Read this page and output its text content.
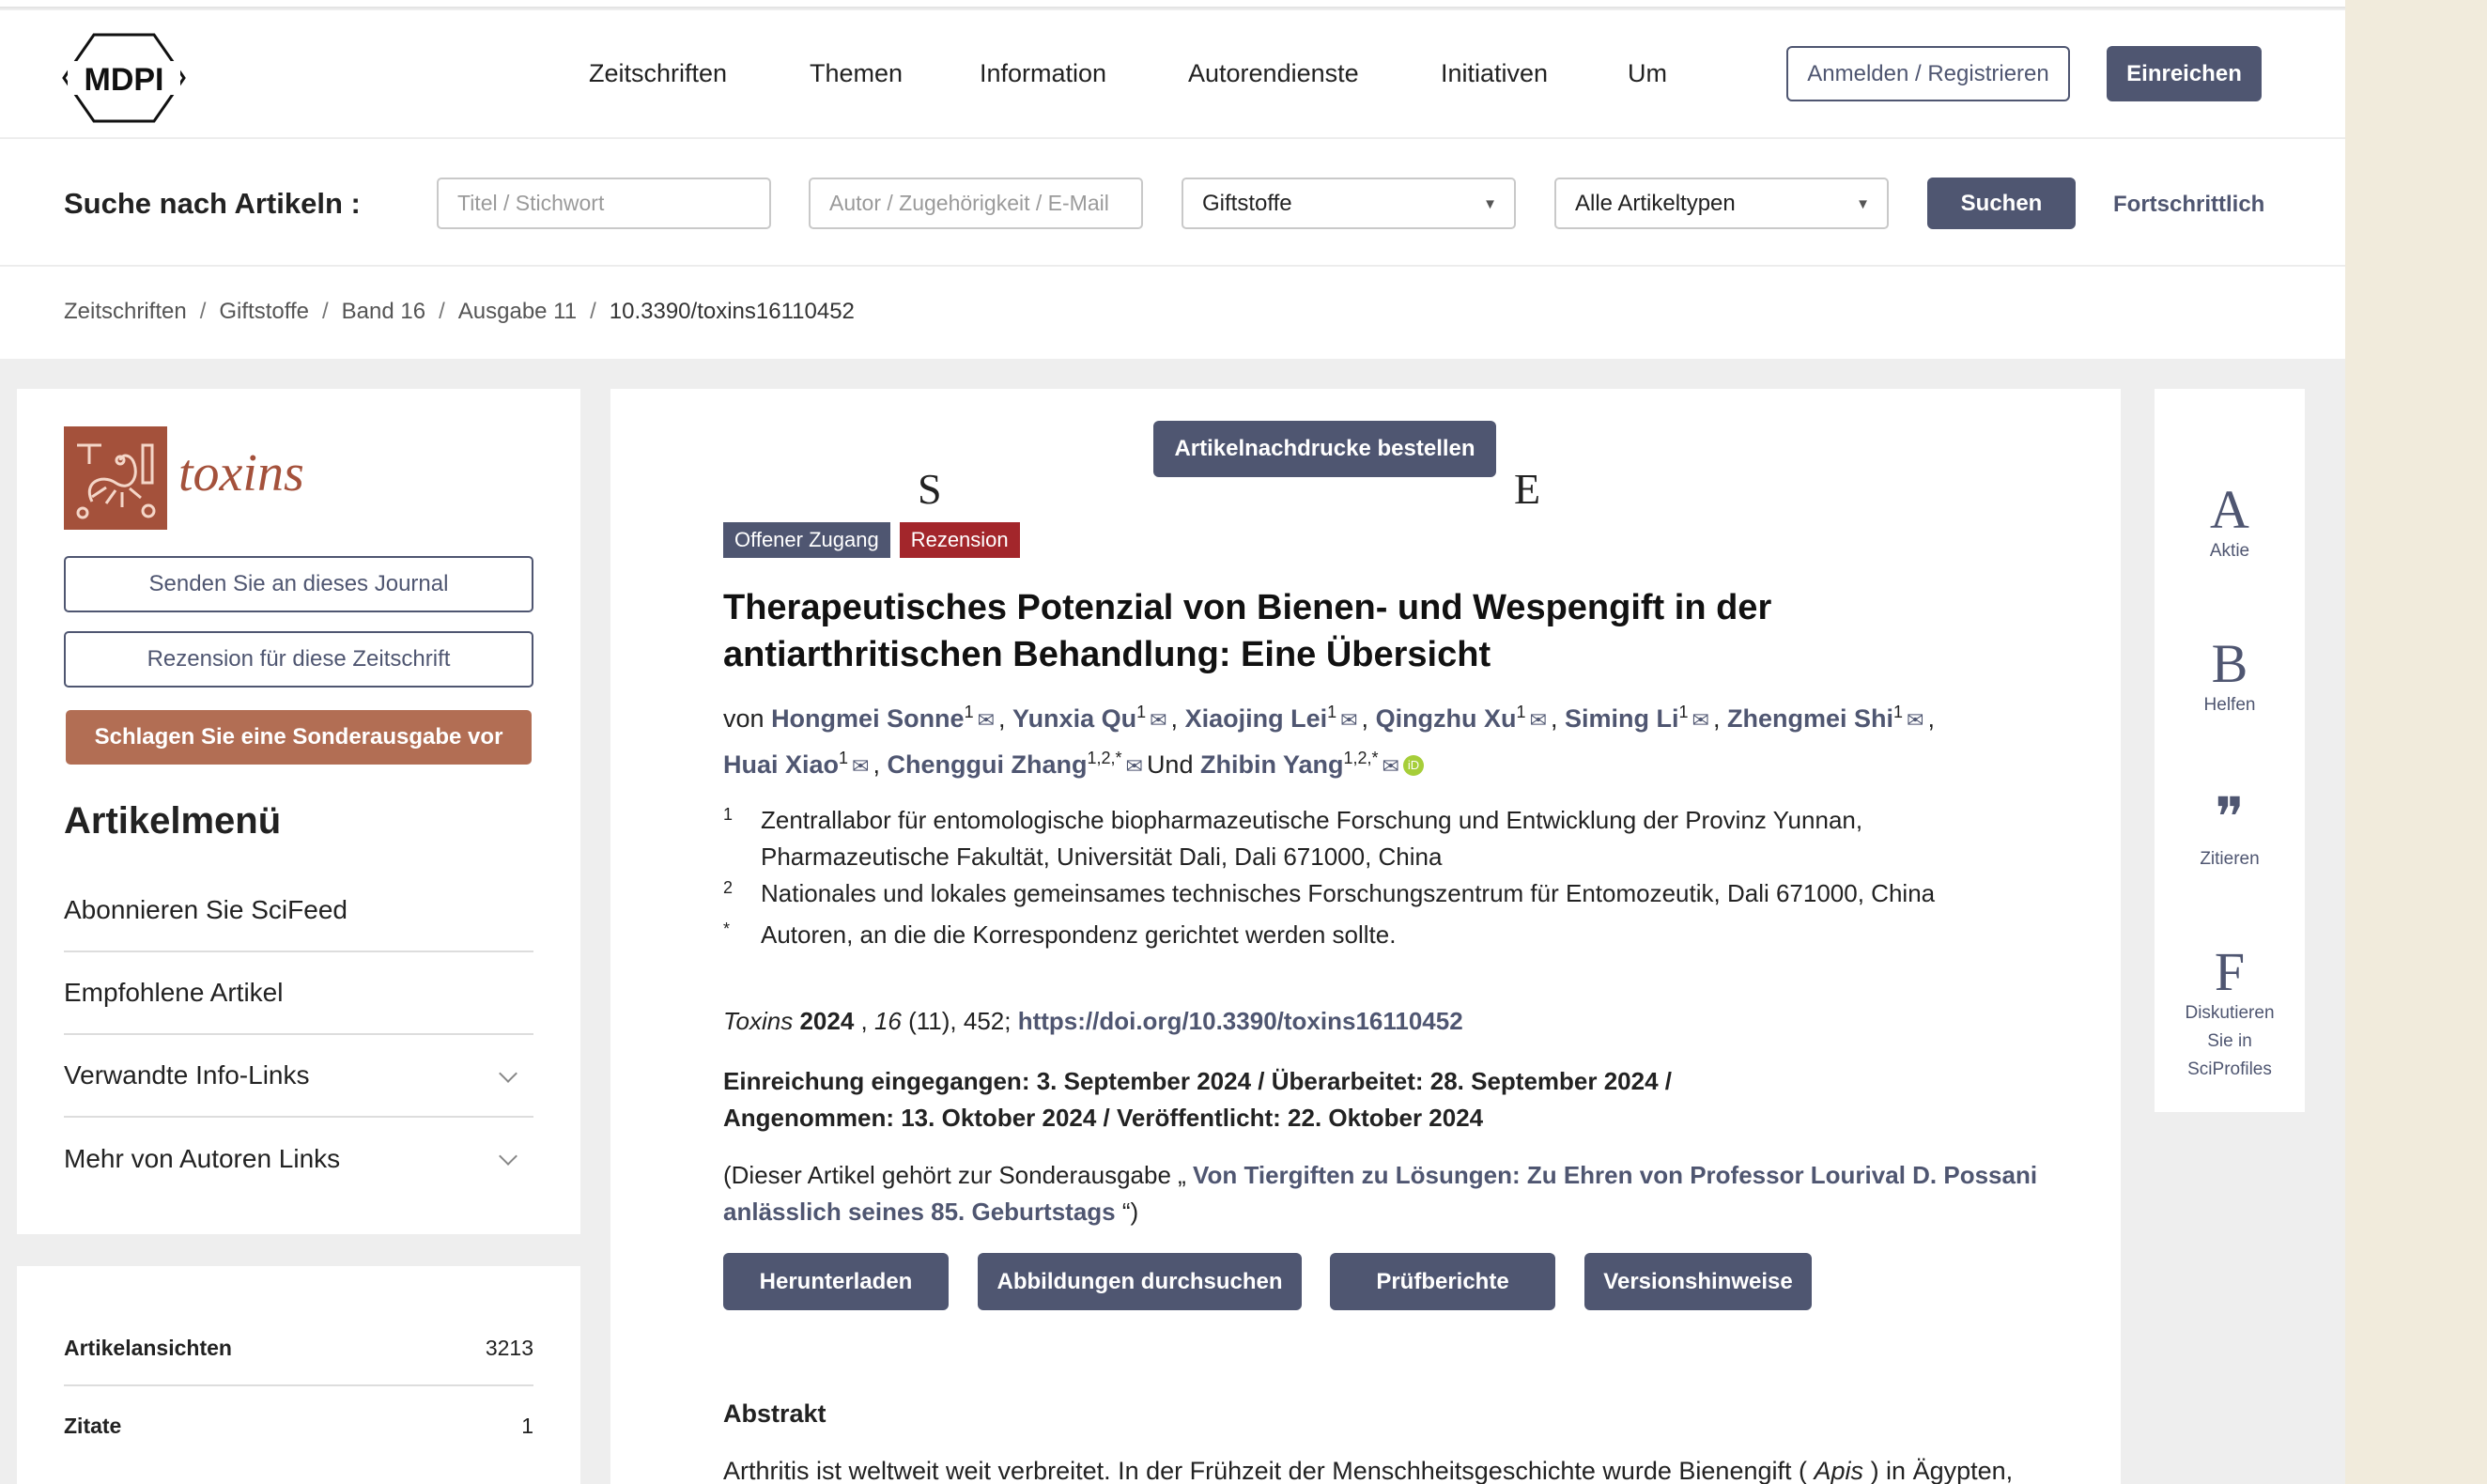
MDPI	Zeitschriften	Themen	Information	Autorendienste	Initiativen	Um	Anmelden / Registrieren	Einreichen
Suche nach Artikeln :
Titel / Stichwort
Autor / Zugehörigkeit / E-Mail	Giftstoffe	▼	Alle Artikeltypen	▼	Suchen	Fortschrittlich
Zeitschriften / Giftstoffe / Band 16 / Ausgabe 11 / 10.3390/toxins16110452
toxins
Senden Sie an dieses Journal
Rezension für diese Zeitschrift
Schlagen Sie eine Sonderausgabe vor
Artikelmenü
Abonnieren Sie SciFeed
Empfohlene Artikel
Verwandte Info-Links
Mehr von Autoren Links
Artikelansichten	3213
Zitate	1
Artikelnachdrucke bestellen
S	E
Offener Zugang	Rezension
Therapeutisches Potenzial von Bienen- und Wespengift in der antiarthritischen Behandlung: Eine Übersicht
von Hongmei Sonne$^1$ ✉ , Yunxia Qu$^1$ ✉ , Xiaojing Lei$^1$ ✉ , Qingzhu Xu$^1$ ✉ , Siming Li$^1$ ✉ , Zhengmei Shi$^1$ ✉ ,
Huai Xiao$^1$ ✉ , Chenggui Zhang$^{1,2,*}$ ✉ Und Zhibin Yang$^{1,2,*}$ ✉ iD
1 Zentrallabor für entomologische biopharmazeutische Forschung und Entwicklung der Provinz Yunnan, Pharmazeutische Fakultät, Universität Dali, Dali 671000, China
2 Nationales und lokales gemeinsames technisches Forschungszentrum für Entomozeutik, Dali 671000, China
* Autoren, an die die Korrespondenz gerichtet werden sollte.
Toxins 2024 , 16 (11), 452; https://doi.org/10.3390/toxins16110452
Einreichung eingegangen: 3. September 2024 / Überarbeitet: 28. September 2024 /
Angenommen: 13. Oktober 2024 / Veröffentlicht: 22. Oktober 2024
(Dieser Artikel gehört zur Sonderausgabe „ Von Tiergiften zu Lösungen: Zu Ehren von Professor Lourival D. Possani anlässlich seines 85. Geburtstags “)
Herunterladen	Abbildungen durchsuchen	Prüfberichte	Versionshinweise
Abstrakt
Arthritis ist weltweit weit verbreitet. In der Frühzeit der Menschheitsgeschichte wurde Bienengift ( Apis ) in Ägypten,
A
Aktie
B
Helfen
❞
Zitieren
F
Diskutieren Sie in SciProfiles
